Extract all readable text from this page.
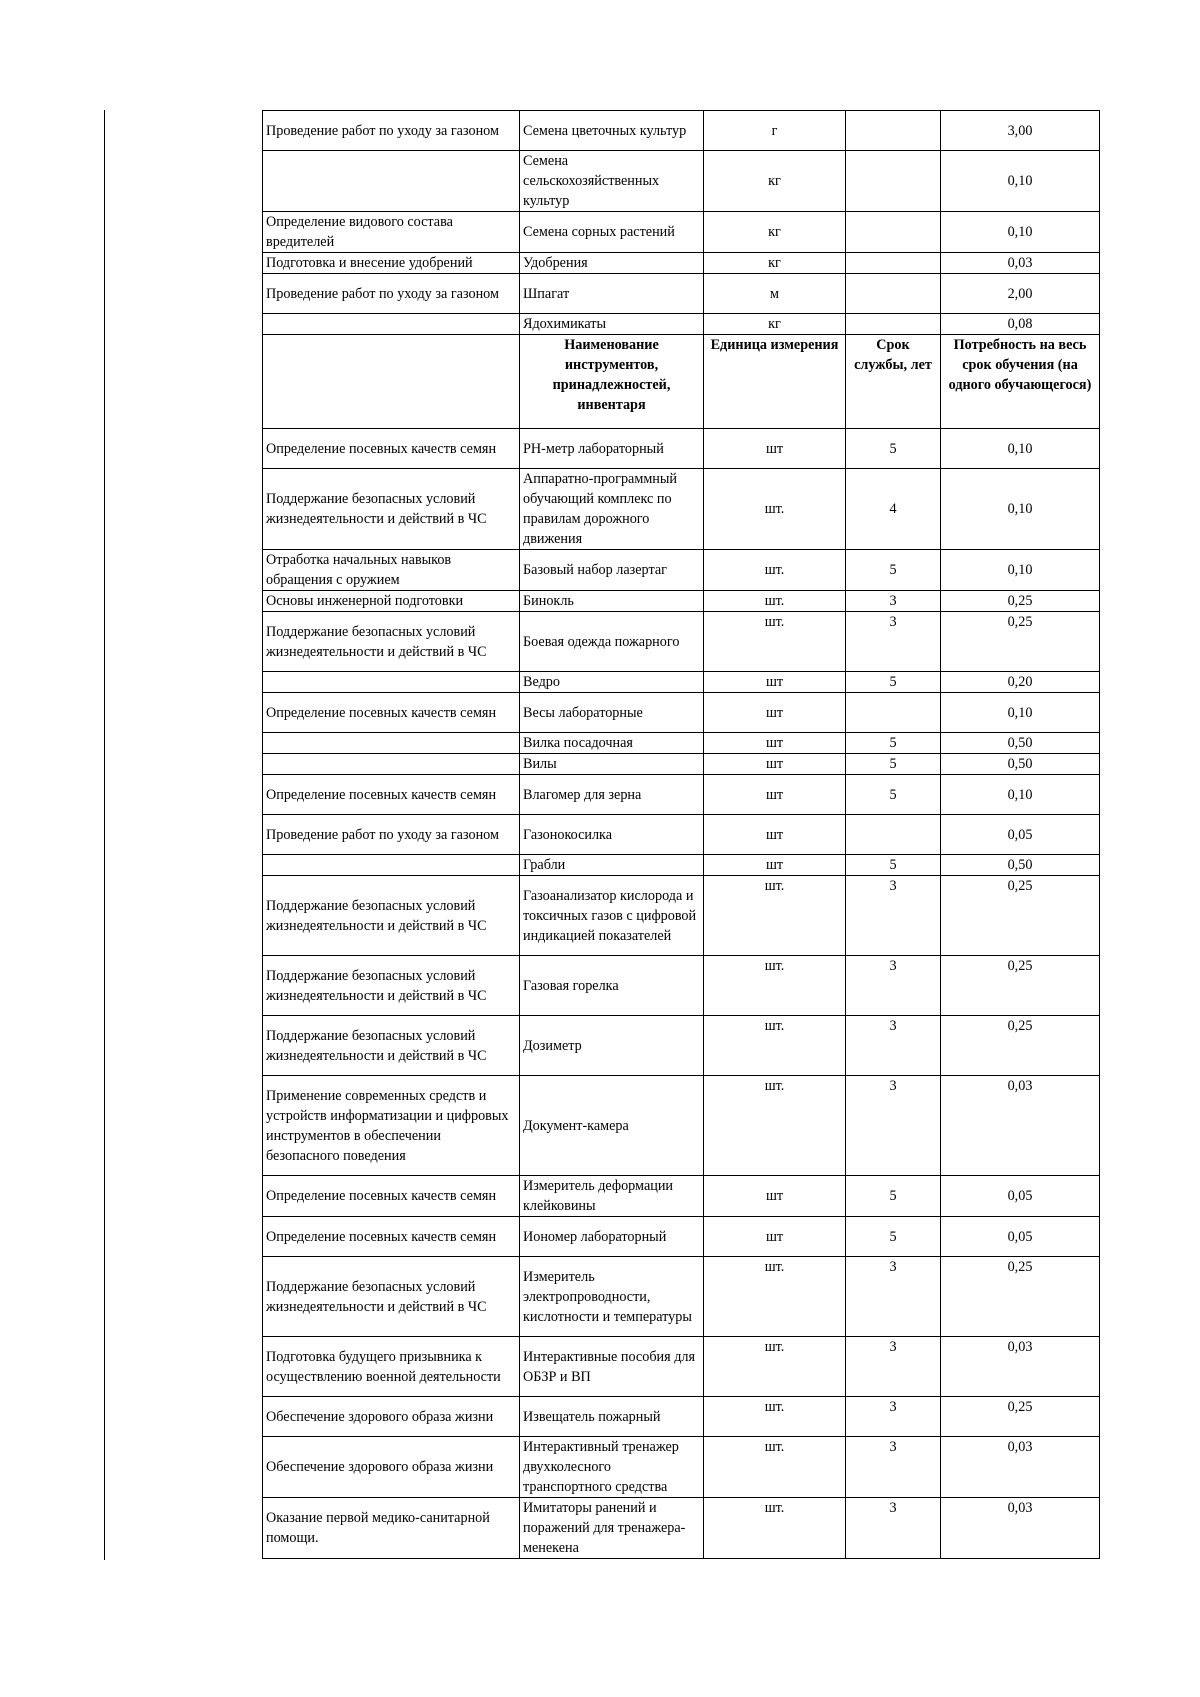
Проведение работ по уходу за газоном	Семена цветочных культур	г		3,00
	Семена сельскохозяйственных культур	кг		0,10
Определение видового состава вредителей	Семена сорных растений	кг		0,10
Подготовка и внесение удобрений	Удобрения	кг		0,03
Проведение работ по уходу за газоном	Шпагат	м		2,00
	Ядохимикаты	кг		0,08
	Наименование инструментов, принадлежностей, инвентаря	Единица измерения	Срок службы, лет	Потребность на весь срок обучения (на одного обучающегося)
Определение посевных качеств семян	PH-метр лабораторный	шт	5	0,10
Поддержание безопасных условий жизнедеятельности и действий в ЧС	Аппаратно-программный обучающий комплекс по правилам дорожного движения	шт.	4	0,10
Отработка начальных навыков обращения с оружием	Базовый набор лазертаг	шт.	5	0,10
Основы инженерной подготовки	Бинокль	шт.	3	0,25
Поддержание безопасных условий жизнедеятельности и действий в ЧС	Боевая одежда пожарного	шт.	3	0,25
	Ведро	шт	5	0,20
Определение посевных качеств семян	Весы лабораторные	шт		0,10
	Вилка посадочная	шт	5	0,50
	Вилы	шт	5	0,50
Определение посевных качеств семян	Влагомер для зерна	шт	5	0,10
Проведение работ по уходу за газоном	Газонокосилка	шт		0,05
	Грабли	шт	5	0,50
Поддержание безопасных условий жизнедеятельности и действий в ЧС	Газоанализатор кислорода и токсичных газов с цифровой индикацией показателей	шт.	3	0,25
Поддержание безопасных условий жизнедеятельности и действий в ЧС	Газовая горелка	шт.	3	0,25
Поддержание безопасных условий жизнедеятельности и действий в ЧС	Дозиметр	шт.	3	0,25
Применение современных средств и устройств информатизации и цифровых инструментов в обеспечении безопасного поведения	Документ-камера	шт.	3	0,03
Определение посевных качеств семян	Измеритель деформации клейковины	шт	5	0,05
Определение посевных качеств семян	Иономер лабораторный	шт	5	0,05
Поддержание безопасных условий жизнедеятельности и действий в ЧС	Измеритель электропроводности, кислотности и температуры	шт.	3	0,25
Подготовка будущего призывника к осуществлению военной деятельности	Интерактивные пособия для ОБЗР и ВП	шт.	3	0,03
Обеспечение здорового образа жизни	Извещатель пожарный	шт.	3	0,25
Обеспечение здорового образа жизни	Интерактивный тренажер двухколесного транспортного средства	шт.	3	0,03
Оказание первой медико-санитарной помощи.	Имитаторы ранений и поражений для тренажера-менекена	шт.	3	0,03
